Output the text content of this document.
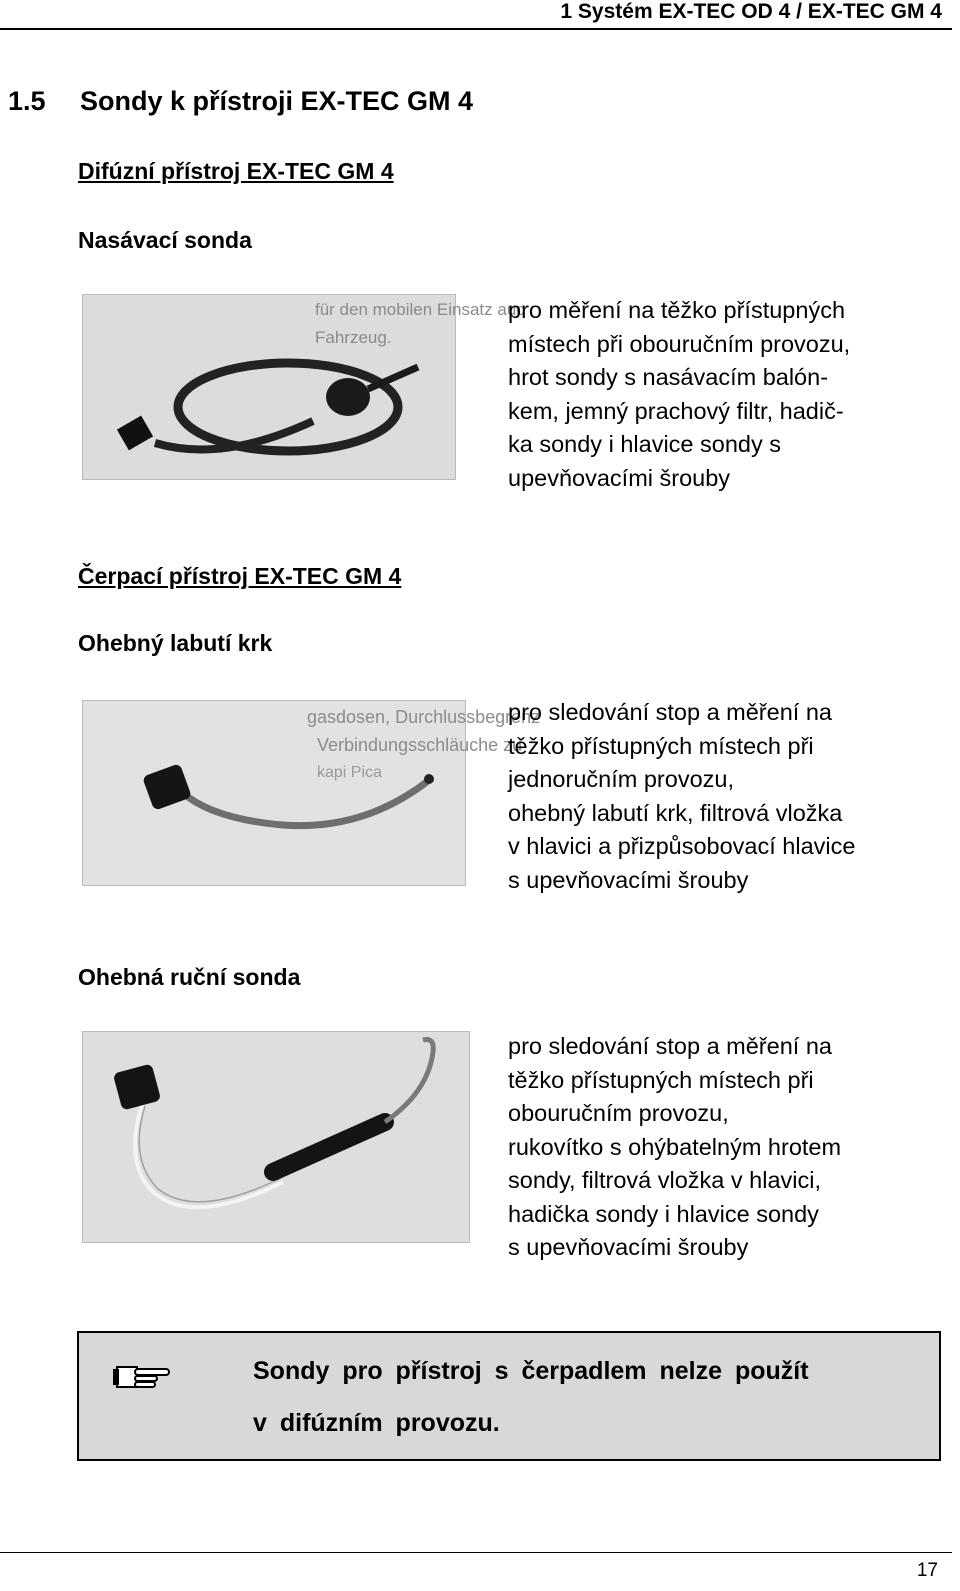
1 Systém EX-TEC OD 4 / EX-TEC GM 4
1.5 Sondy k přístroji EX-TEC GM 4
Difúzní přístroj EX-TEC GM 4
Nasávací sonda
für den mobilen Einsatz auc
Fahrzeug.
pro měření na těžko přístupných
místech při obouručním provozu,
hrot sondy s nasávacím balón-
kem, jemný prachový filtr, hadič-
ka sondy i hlavice sondy s
upevňovacími šrouby
Čerpací přístroj EX-TEC GM 4
Ohebný labutí krk
gasdosen, Durchlussbegrenz
Verbindungsschläuche zu
kapi Pica
pro sledování stop a měření na
těžko přístupných místech při
jednoručním provozu,
ohebný labutí krk, filtrová vložka
v hlavici a přizpůsobovací hlavice
s upevňovacími šrouby
Ohebná ruční sonda
pro sledování stop a měření na
těžko přístupných místech při
obouručním provozu,
rukovítko s ohýbatelným hrotem
sondy, filtrová vložka v hlavici,
hadička sondy i hlavice sondy
s upevňovacími šrouby
Sondy pro přístroj s čerpadlem nelze použít
v difúzním provozu.
17
